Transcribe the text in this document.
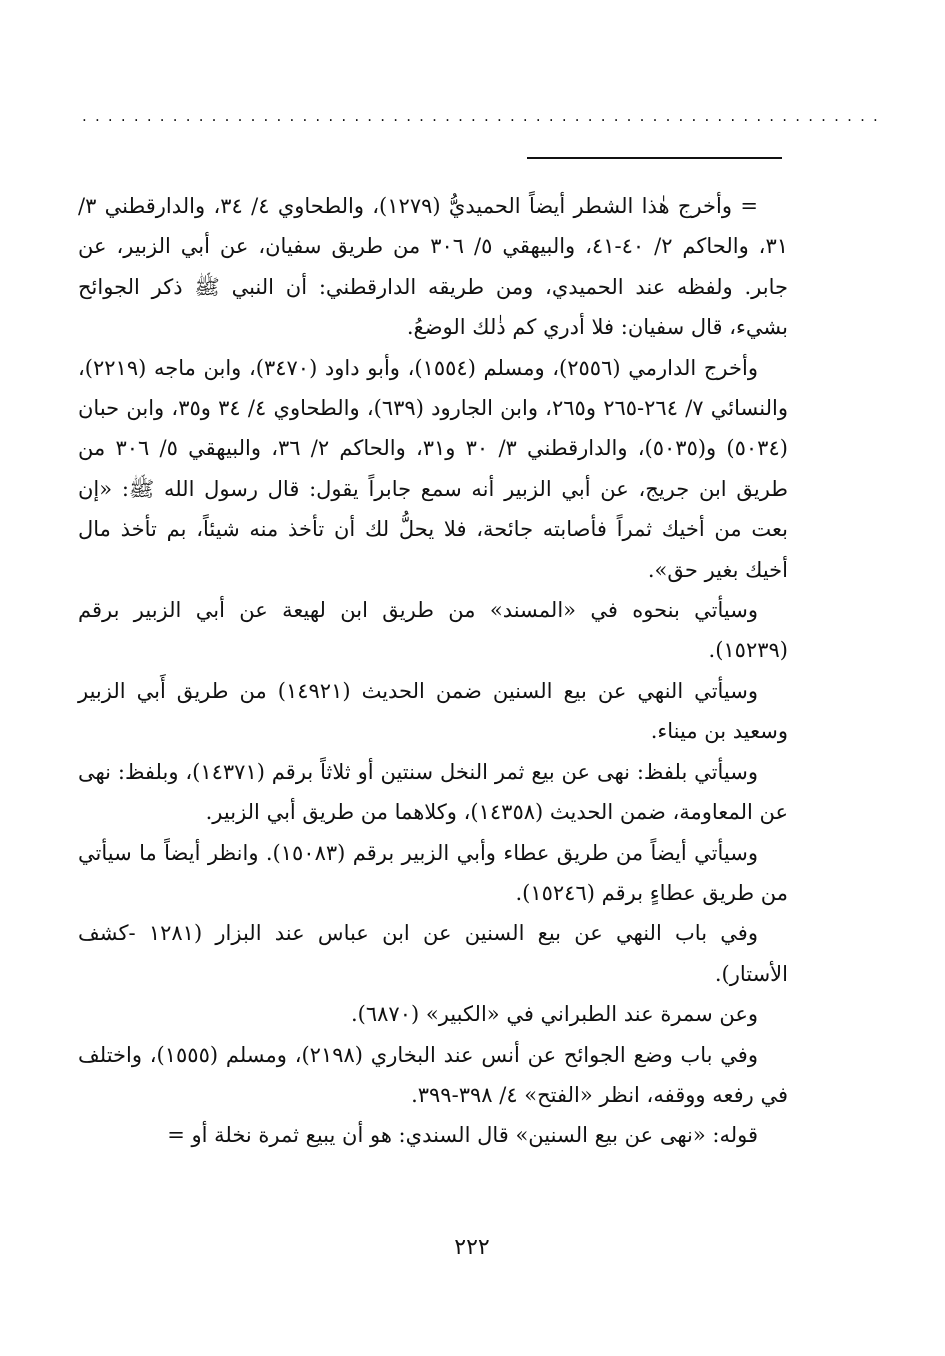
..............................................................

=وأخرج هٰذا الشطر أيضاً الحميديُّ (١٢٧٩)، والطحاوي ٤/ ٣٤، والدارقطني ٣/ ٣١، والحاكم ٢/ ٤٠-٤١، والبيهقي ٥/ ٣٠٦ من طريق سفيان، عن أبي الزبير، عن جابر. ولفظه عند الحميدي، ومن طريقه الدارقطني: أن النبي ﷺ ذكر الجوائح بشيء، قال سفيان: فلا أدري كم ذٰلك الوضعُ.

وأخرج الدارمي (٢٥٥٦)، ومسلم (١٥٥٤)، وأبو داود (٣٤٧٠)، وابن ماجه (٢٢١٩)، والنسائي ٧/ ٢٦٤-٢٦٥ و٢٦٥، وابن الجارود (٦٣٩)، والطحاوي ٤/ ٣٤ و٣٥، وابن حبان (٥٠٣٤) و(٥٠٣٥)، والدارقطني ٣/ ٣٠ و٣١، والحاكم ٢/ ٣٦، والبيهقي ٥/ ٣٠٦ من طريق ابن جريج، عن أبي الزبير أنه سمع جابراً يقول: قال رسول الله ﷺ: «إن بعت من أخيك ثمراً فأصابته جائحة، فلا يحلُّ لك أن تأخذ منه شيئاً، بم تأخذ مال أخيك بغير حق».

وسيأتي بنحوه في «المسند» من طريق ابن لهيعة عن أبي الزبير برقم (١٥٢٣٩).

وسيأتي النهي عن بيع السنين ضمن الحديث (١٤٩٢١) من طريق أَبي الزبير وسعيد بن ميناء.

وسيأتي بلفظ: نهى عن بيع ثمر النخل سنتين أو ثلاثاً برقم (١٤٣٧١)، وبلفظ: نهى عن المعاومة، ضمن الحديث (١٤٣٥٨)، وكلاهما من طريق أبي الزبير.

وسيأتي أيضاً من طريق عطاء وأبي الزبير برقم (١٥٠٨٣). وانظر أيضاً ما سيأتي من طريق عطاءٍ برقم (١٥٢٤٦).

وفي باب النهي عن بيع السنين عن ابن عباس عند البزار (١٢٨١ -كشف الأستار).

وعن سمرة عند الطبراني في «الكبير» (٦٨٧٠).

وفي باب وضع الجوائح عن أنس عند البخاري (٢١٩٨)، ومسلم (١٥٥٥)، واختلف في رفعه ووقفه، انظر «الفتح» ٤/ ٣٩٨-٣٩٩.

قوله: «نهى عن بيع السنين» قال السندي: هو أن يبيع ثمرة نخلة أو =

٢٢٢
